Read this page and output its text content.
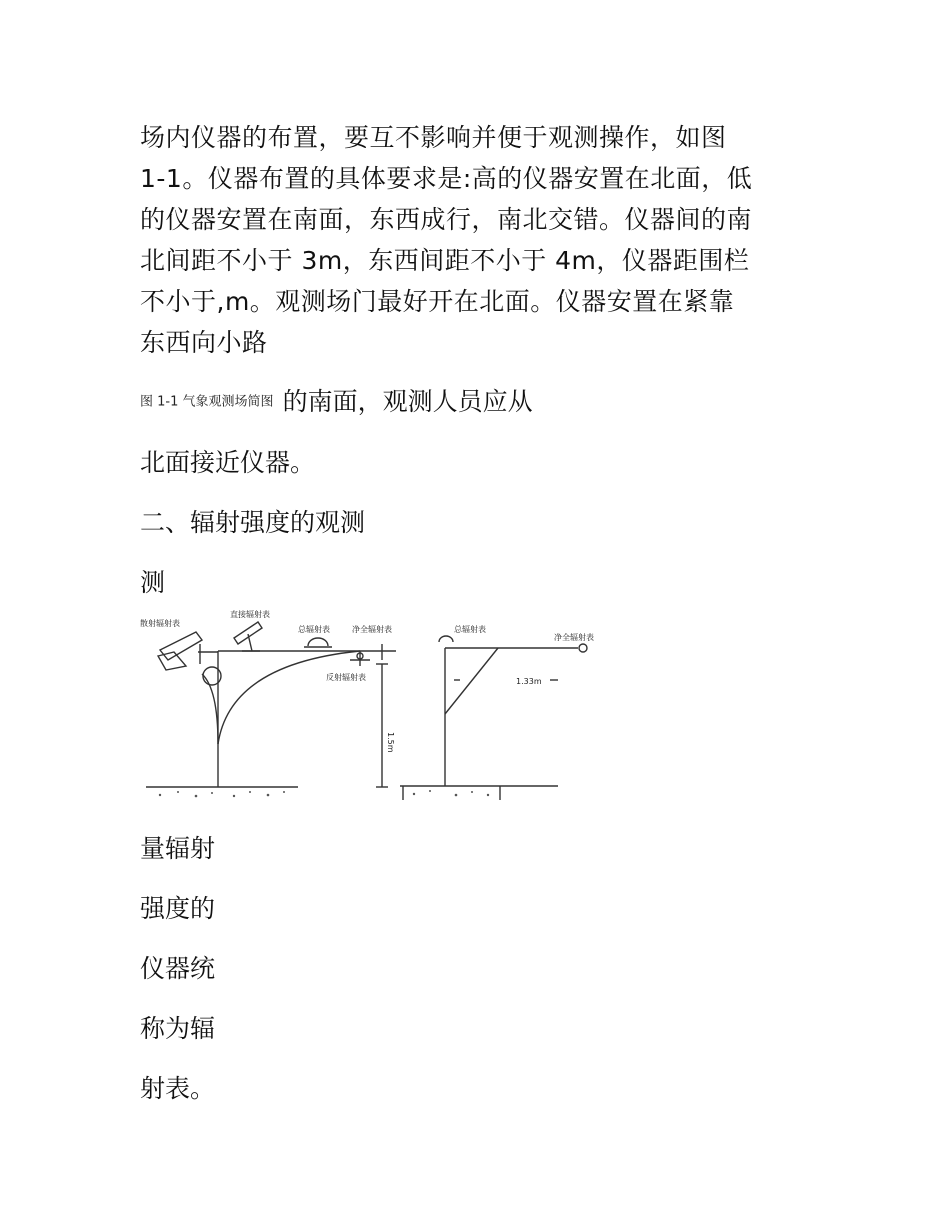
场内仪器的布置，要互不影响并便于观测操作，如图

1-1。仪器布置的具体要求是:高的仪器安置在北面，低

的仪器安置在南面，东西成行，南北交错。仪器间的南

北间距不小于 3m，东西间距不小于 4m，仪器距围栏

不小于,m。观测场门最好开在北面。仪器安置在紧靠

东西向小路

图 1-1 气象观测场简图 的南面，观测人员应从
北面接近仪器。
二、辐射强度的观测
测
散射辐射表
直接辐射表
总辐射表	净全辐射表
反射辐射表
1.5m
总辐射表
净全辐射表
1.33m
量辐射
强度的
仪器统
称为辐
射表。
